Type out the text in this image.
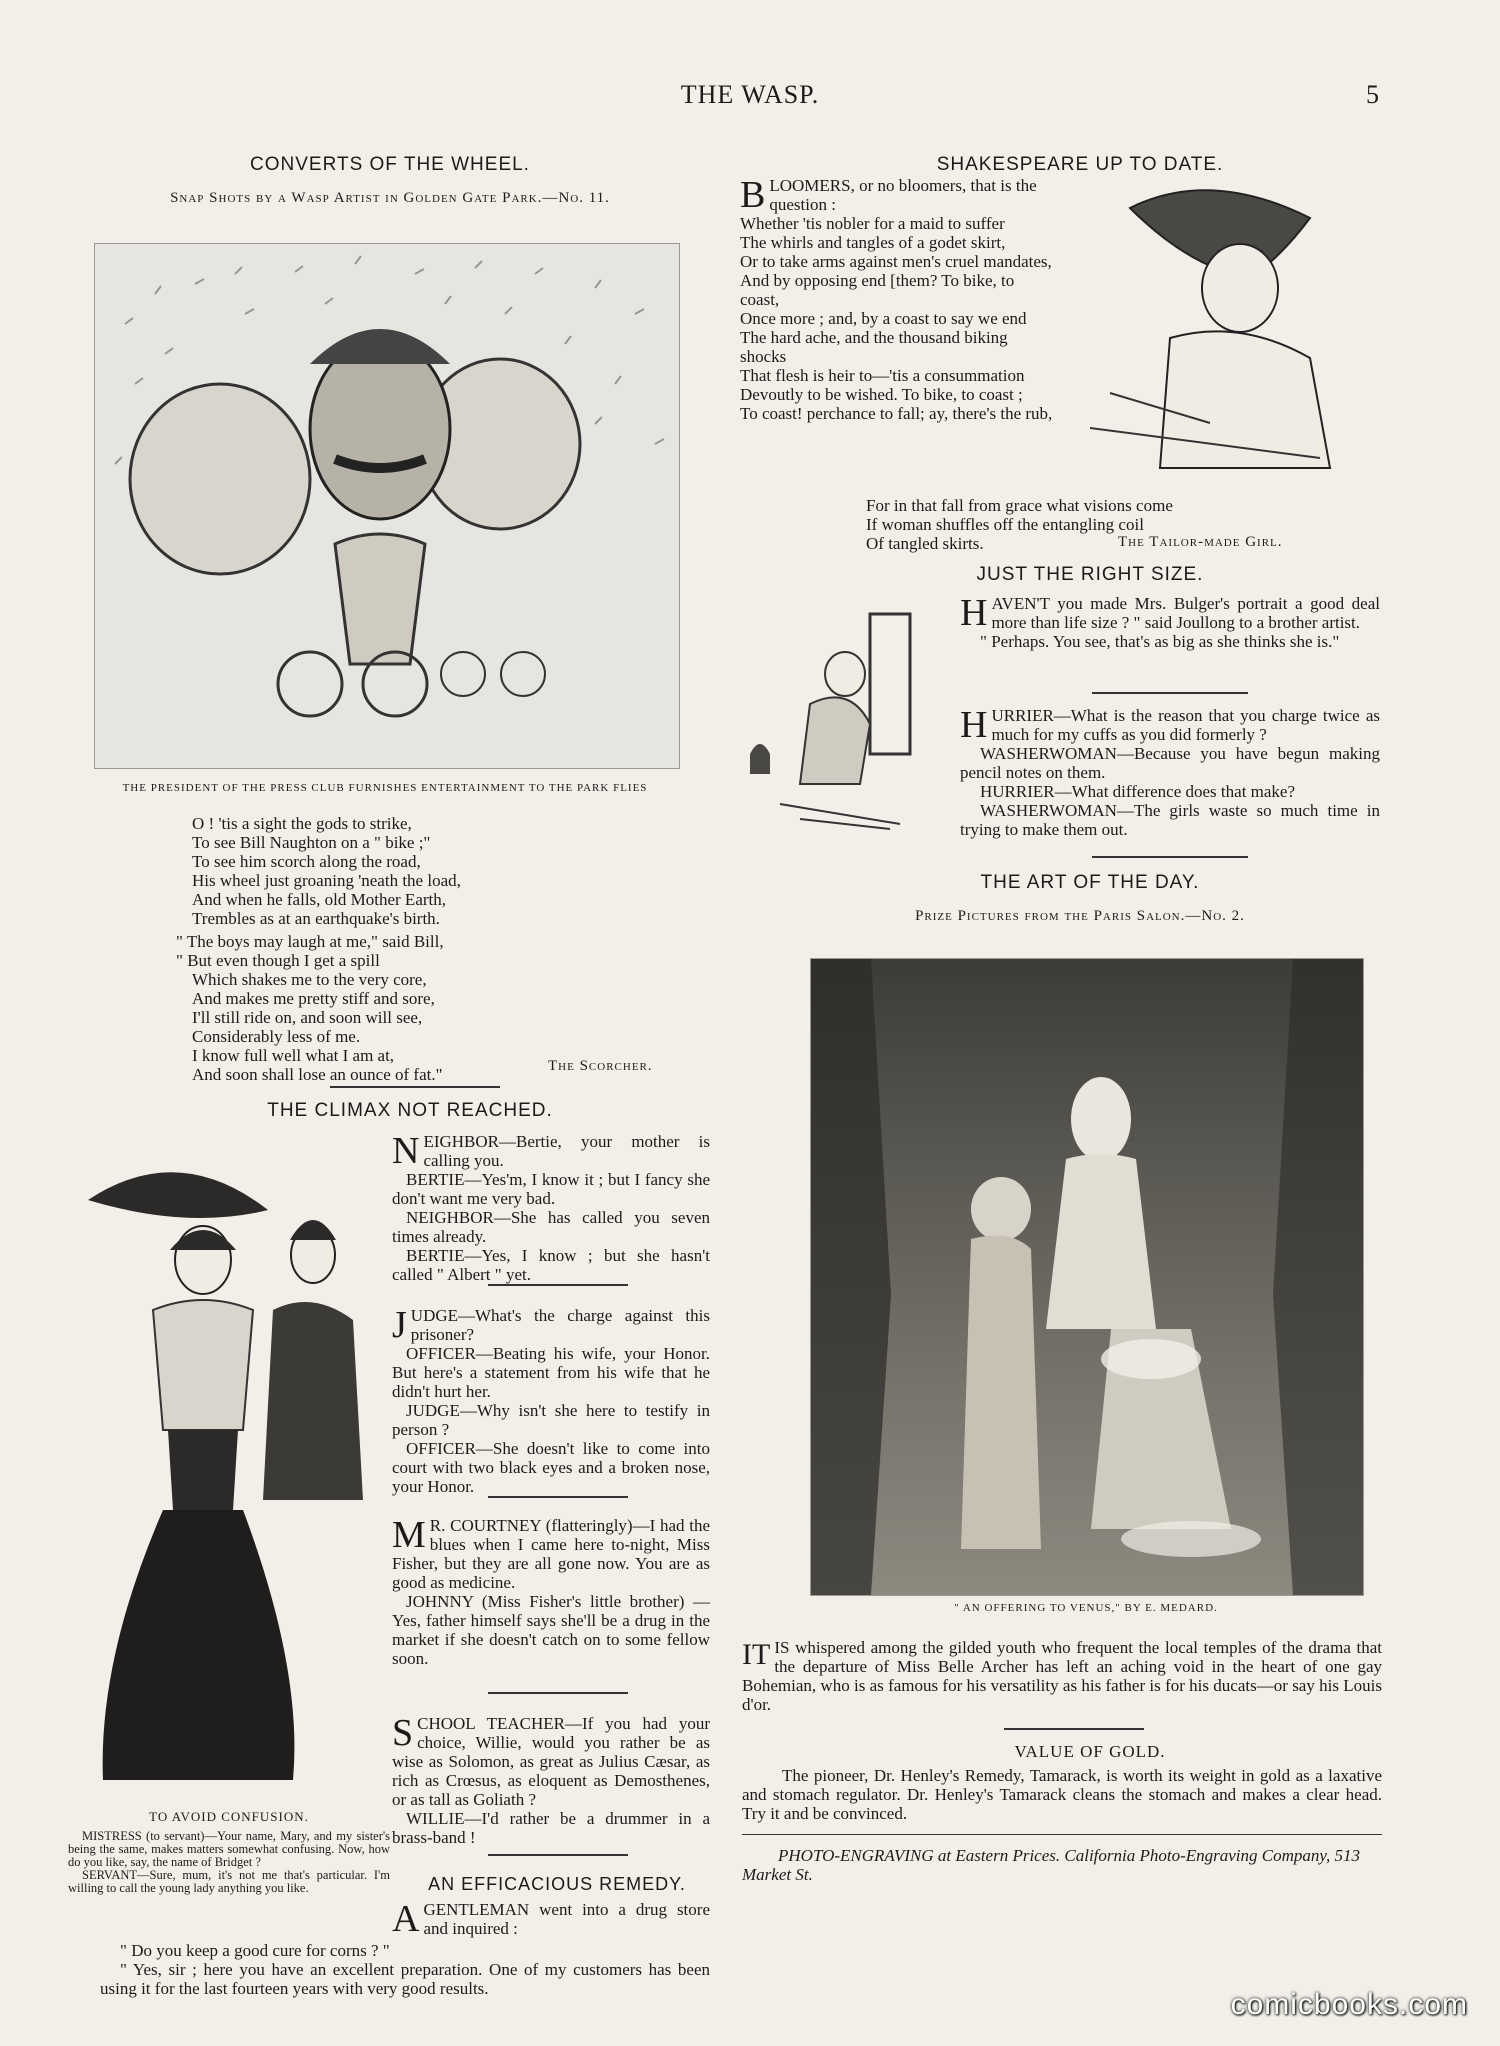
THE WASP.	5
CONVERTS OF THE WHEEL.
Snap Shots by a Wasp Artist in Golden Gate Park.—No. 11.
THE PRESIDENT OF THE PRESS CLUB FURNISHES ENTERTAINMENT TO THE PARK FLIES
O ! 'tis a sight the gods to strike,
To see Bill Naughton on a " bike ;"
To see him scorch along the road,
His wheel just groaning 'neath the load,
And when he falls, old Mother Earth,
Trembles as at an earthquake's birth.
" The boys may laugh at me," said Bill,
" But even though I get a spill
Which shakes me to the very core,
And makes me pretty stiff and sore,
I'll still ride on, and soon will see,
Considerably less of me.
I know full well what I am at,
And soon shall lose an ounce of fat."	The Scorcher.
THE CLIMAX NOT REACHED.
N EIGHBOR—Bertie, your mother is calling you.

BERTIE—Yes'm, I know it ; but I fancy she don't want me very bad.

NEIGHBOR—She has called you seven times already.

BERTIE—Yes, I know ; but she hasn't called " Albert " yet.

J UDGE—What's the charge against this prisoner?

OFFICER—Beating his wife, your Honor. But here's a statement from his wife that he didn't hurt her.

JUDGE—Why isn't she here to testify in person ?

OFFICER—She doesn't like to come into court with two black eyes and a broken nose, your Honor.

M R. COURTNEY (flatteringly)—I had the blues when I came here to-night, Miss Fisher, but they are all gone now. You are as good as medicine.

JOHNNY (Miss Fisher's little brother) —Yes, father himself says she'll be a drug in the market if she doesn't catch on to some fellow soon.

S CHOOL TEACHER—If you had your choice, Willie, would you rather be as wise as Solomon, as great as Julius Cæsar, as rich as Crœsus, as eloquent as Demosthenes, or as tall as Goliath ?

WILLIE—I'd rather be a drummer in a brass-band !

TO AVOID CONFUSION.

MISTRESS (to servant)—Your name, Mary, and my sister's being the same, makes matters somewhat confusing. Now, how do you like, say, the name of Bridget ?

SERVANT—Sure, mum, it's not me that's particular. I'm willing to call the young lady anything you like.	AN EFFICACIOUS REMEDY.
A GENTLEMAN went into a drug store and inquired :

" Do you keep a good cure for corns ? "

" Yes, sir ; here you have an excellent preparation. One of my customers has been using it for the last fourteen years with very good results.

SHAKESPEARE UP TO DATE.
B LOOMERS, or no bloomers, that is the question :

Whether 'tis nobler for a maid to suffer

The whirls and tangles of a godet skirt,

Or to take arms against men's cruel mandates,

And by opposing end [them? To bike, to coast,

Once more ; and, by a coast to say we end

The hard ache, and the thousand biking shocks

That flesh is heir to—'tis a consummation

Devoutly to be wished. To bike, to coast ;

To coast! perchance to fall; ay, there's the rub,

For in that fall from grace what visions come

If woman shuffles off the entangling coil

Of tangled skirts.	The Tailor-made Girl.
JUST THE RIGHT SIZE.
H AVEN'T you made Mrs. Bulger's portrait a good deal more than life size ? " said Joullong to a brother artist.

" Perhaps. You see, that's as big as she thinks she is."

H URRIER—What is the reason that you charge twice as much for my cuffs as you did formerly ?

WASHERWOMAN—Because you have begun making pencil notes on them.

HURRIER—What difference does that make?

WASHERWOMAN—The girls waste so much time in trying to make them out.

THE ART OF THE DAY.
Prize Pictures from the Paris Salon.—No. 2.
" AN OFFERING TO VENUS," BY E. MEDARD.
IT IS whispered among the gilded youth who frequent the local temples of the drama that the departure of Miss Belle Archer has left an aching void in the heart of one gay Bohemian, who is as famous for his versatility as his father is for his ducats—or say his Louis d'or.

VALUE OF GOLD.
The pioneer, Dr. Henley's Remedy, Tamarack, is worth its weight in gold as a laxative and stomach regulator. Dr. Henley's Tamarack cleans the stomach and makes a clear head. Try it and be convinced.
PHOTO-ENGRAVING at Eastern Prices. California Photo-Engraving Company, 513 Market St.
comicbooks.com
